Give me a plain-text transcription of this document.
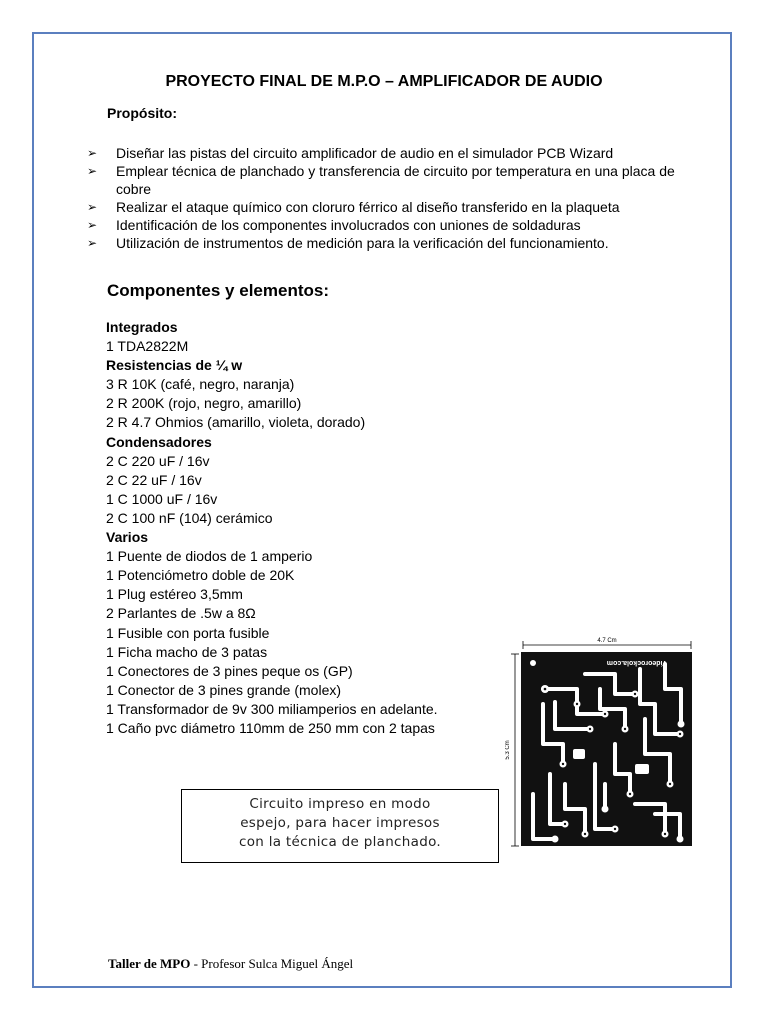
PROYECTO FINAL DE M.P.O – AMPLIFICADOR DE AUDIO
Propósito:
➢ Diseñar las pistas del circuito amplificador de audio en el simulador PCB Wizard
➢ Emplear técnica de planchado y transferencia de circuito por temperatura en una placa de cobre
➢ Realizar el ataque químico con cloruro férrico al diseño transferido en la plaqueta
➢ Identificación de los componentes involucrados con uniones de soldaduras
➢ Utilización de instrumentos de medición para la verificación del funcionamiento.
Componentes y elementos:
Integrados
1 TDA2822M
Resistencias de ¼ w
3 R 10K (café, negro, naranja)
2 R 200K (rojo, negro, amarillo)
2 R 4.7 Ohmios (amarillo, violeta, dorado)
Condensadores
2 C 220 uF / 16v
2 C 22 uF / 16v
1 C 1000 uF / 16v
2 C 100 nF (104) cerámico
Varios
1 Puente de diodos de 1 amperio
1 Potenciómetro doble de 20K
1 Plug estéreo 3,5mm
2 Parlantes de .5w a 8Ω
1 Fusible con porta fusible
1 Ficha macho de 3 patas
1 Conectores de 3 pines peque os (GP)
1 Conector de 3 pines grande (molex)
1 Transformador de 9v 300 miliamperios en adelante.
1 Caño pvc diámetro 110mm de 250 mm con 2 tapas
Circuito impreso en modo
espejo, para hacer impresos
con la técnica de planchado.
4.7 Cm
5.3 Cm
Videorockola.com
Taller de MPO - Profesor Sulca Miguel Ángel
